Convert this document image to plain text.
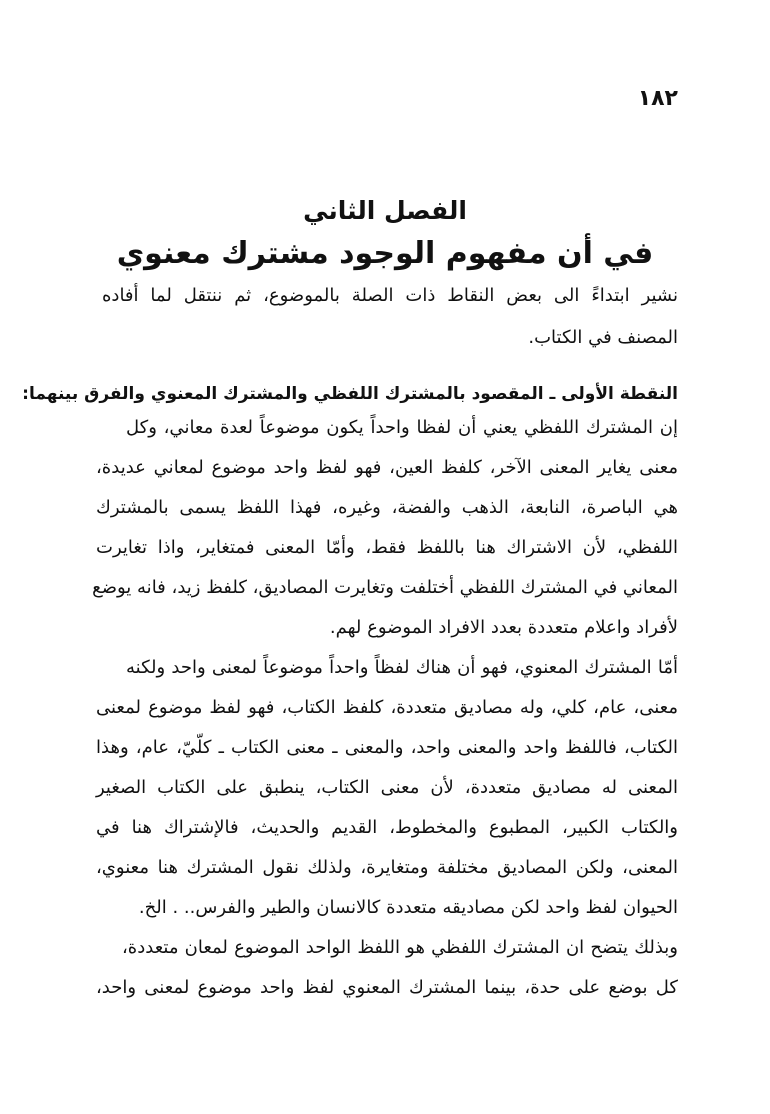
١٨٢
الفصل الثاني
في أن مفهوم الوجود مشترك معنوي
نشير ابتداءً الى بعض النقاط ذات الصلة بالموضوع، ثم ننتقل لما أفاده
المصنف في الكتاب.
النقطة الأولى ـ المقصود بالمشترك اللفظي والمشترك المعنوي والفرق بينهما:
إن المشترك اللفظي يعني أن لفظا واحداً يكون موضوعاً لعدة معاني، وكل
معنى يغاير المعنى الآخر، كلفظ العين، فهو لفظ واحد موضوع لمعاني عديدة،
هي الباصرة، النابعة، الذهب والفضة، وغيره، فهذا اللفظ يسمى بالمشترك
اللفظي، لأن الاشتراك هنا باللفظ فقط، وأمّا المعنى فمتغاير، واذا تغايرت
المعاني في المشترك اللفظي أختلفت وتغايرت المصاديق، كلفظ زيد، فانه يوضع
لأفراد واعلام متعددة بعدد الافراد الموضوع لهم.
أمّا المشترك المعنوي، فهو أن هناك لفظاً واحداً موضوعاً لمعنى واحد ولكنه
معنى، عام، كلي، وله مصاديق متعددة، كلفظ الكتاب، فهو لفظ موضوع لمعنى
الكتاب، فاللفظ واحد والمعنى واحد، والمعنى ـ معنى الكتاب ـ كلّيّ، عام، وهذا
المعنى له مصاديق متعددة، لأن معنى الكتاب، ينطبق على الكتاب الصغير
والكتاب الكبير، المطبوع والمخطوط، القديم والحديث، فالإشتراك هنا في
المعنى، ولكن المصاديق مختلفة ومتغايرة، ولذلك نقول المشترك هنا معنوي،
الحيوان لفظ واحد لكن مصاديقه متعددة كالانسان والطير والفرس.. . الخ.
وبذلك يتضح ان المشترك اللفظي هو اللفظ الواحد الموضوع لمعان متعددة،
كل بوضع على حدة، بينما المشترك المعنوي لفظ واحد موضوع لمعنى واحد،
